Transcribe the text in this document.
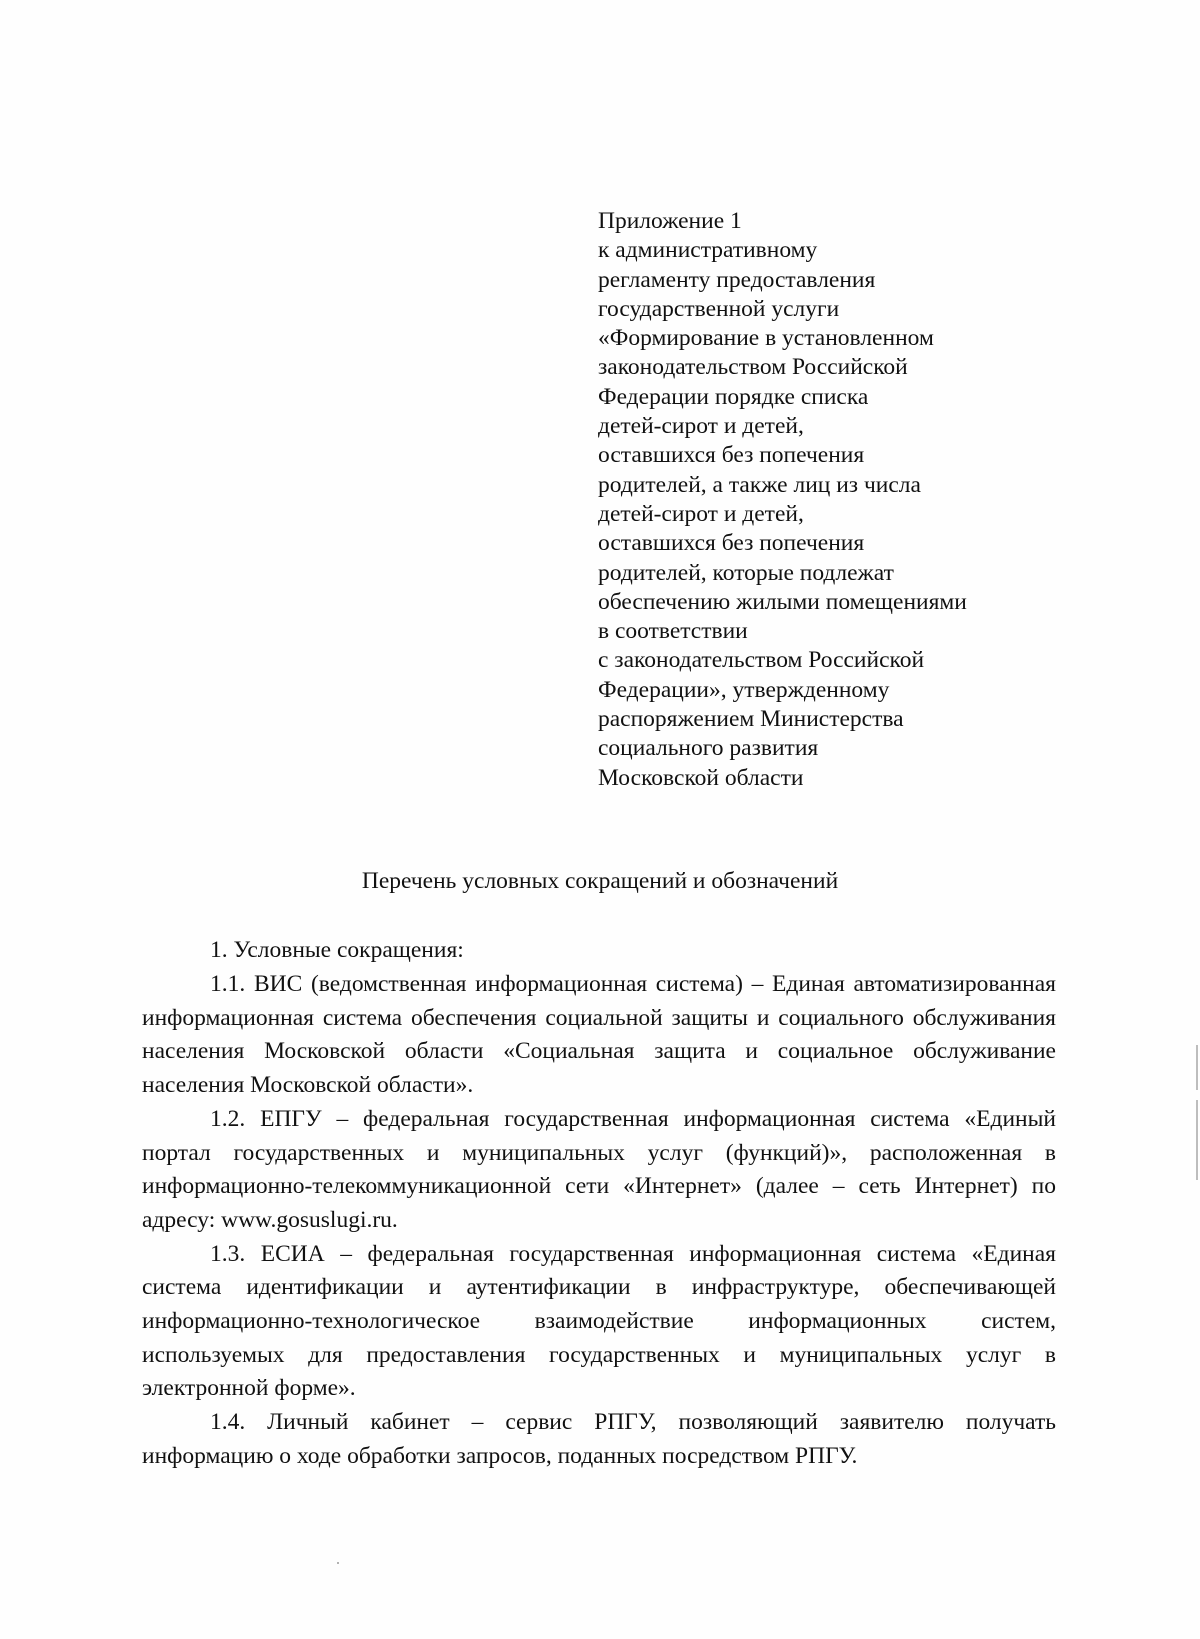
Приложение 1
к административному
регламенту предоставления
государственной услуги
«Формирование в установленном
законодательством Российской
Федерации порядке списка
детей-сирот и детей,
оставшихся без попечения
родителей, а также лиц из числа
детей-сирот и детей,
оставшихся без попечения
родителей, которые подлежат
обеспечению жилыми помещениями
в соответствии
с законодательством Российской
Федерации», утвержденному
распоряжением Министерства
социального развития
Московской области
Перечень условных сокращений и обозначений

1. Условные сокращения:

1.1. ВИС (ведомственная информационная система) – Единая автоматизированная информационная система обеспечения социальной защиты и социального обслуживания населения Московской области «Социальная защита и социальное обслуживание населения Московской области».

1.2. ЕПГУ – федеральная государственная информационная система «Единый портал государственных и муниципальных услуг (функций)», расположенная в информационно-телекоммуникационной сети «Интернет» (далее – сеть Интернет) по адресу: www.gosuslugi.ru.

1.3. ЕСИА – федеральная государственная информационная система «Единая система идентификации и аутентификации в инфраструктуре, обеспечивающей информационно-технологическое взаимодействие информационных систем, используемых для предоставления государственных и муниципальных услуг в электронной форме».

1.4. Личный кабинет – сервис РПГУ, позволяющий заявителю получать информацию о ходе обработки запросов, поданных посредством РПГУ.
